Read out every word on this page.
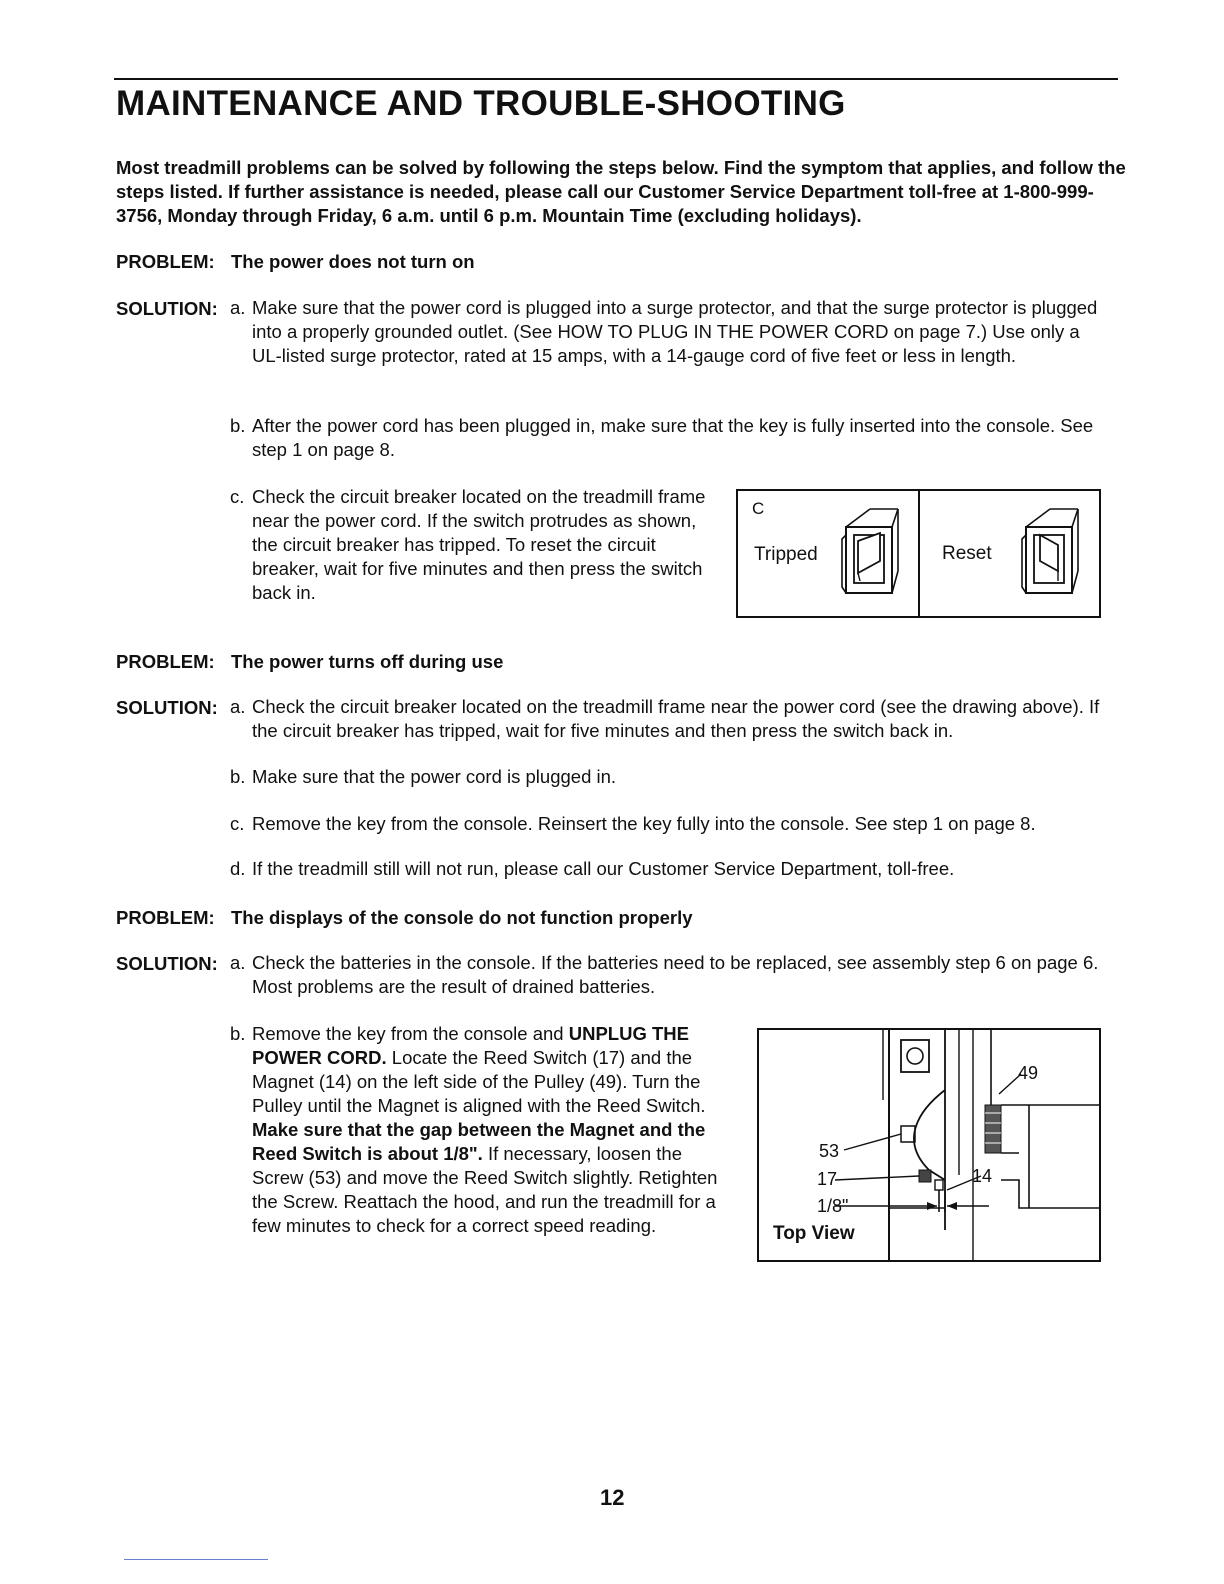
MAINTENANCE AND TROUBLE-SHOOTING
Most treadmill problems can be solved by following the steps below. Find the symptom that applies, and follow the steps listed. If further assistance is needed, please call our Customer Service Department toll-free at 1-800-999-3756, Monday through Friday, 6 a.m. until 6 p.m. Mountain Time (excluding holidays).
PROBLEM: The power does not turn on
SOLUTION: a. Make sure that the power cord is plugged into a surge protector, and that the surge protector is plugged into a properly grounded outlet. (See HOW TO PLUG IN THE POWER CORD on page 7.) Use only a UL-listed surge protector, rated at 15 amps, with a 14-gauge cord of five feet or less in length.
b. After the power cord has been plugged in, make sure that the key is fully inserted into the console. See step 1 on page 8.
c. Check the circuit breaker located on the treadmill frame near the power cord. If the switch protrudes as shown, the circuit breaker has tripped. To reset the circuit breaker, wait for five minutes and then press the switch back in.
C
Tripped	Reset
PROBLEM: The power turns off during use
SOLUTION: a. Check the circuit breaker located on the treadmill frame near the power cord (see the drawing above). If the circuit breaker has tripped, wait for five minutes and then press the switch back in.
b. Make sure that the power cord is plugged in.
c. Remove the key from the console. Reinsert the key fully into the console. See step 1 on page 8.
d. If the treadmill still will not run, please call our Customer Service Department, toll-free.
PROBLEM: The displays of the console do not function properly
SOLUTION: a. Check the batteries in the console. If the batteries need to be replaced, see assembly step 6 on page 6. Most problems are the result of drained batteries.
b. Remove the key from the console and UNPLUG THE POWER CORD. Locate the Reed Switch (17) and the Magnet (14) on the left side of the Pulley (49). Turn the Pulley until the Magnet is aligned with the Reed Switch. Make sure that the gap between the Magnet and the Reed Switch is about 1/8". If necessary, loosen the Screw (53) and move the Reed Switch slightly. Retighten the Screw. Reattach the hood, and run the treadmill for a few minutes to check for a correct speed reading.
49
53
17	14
1/8"
Top View
12
